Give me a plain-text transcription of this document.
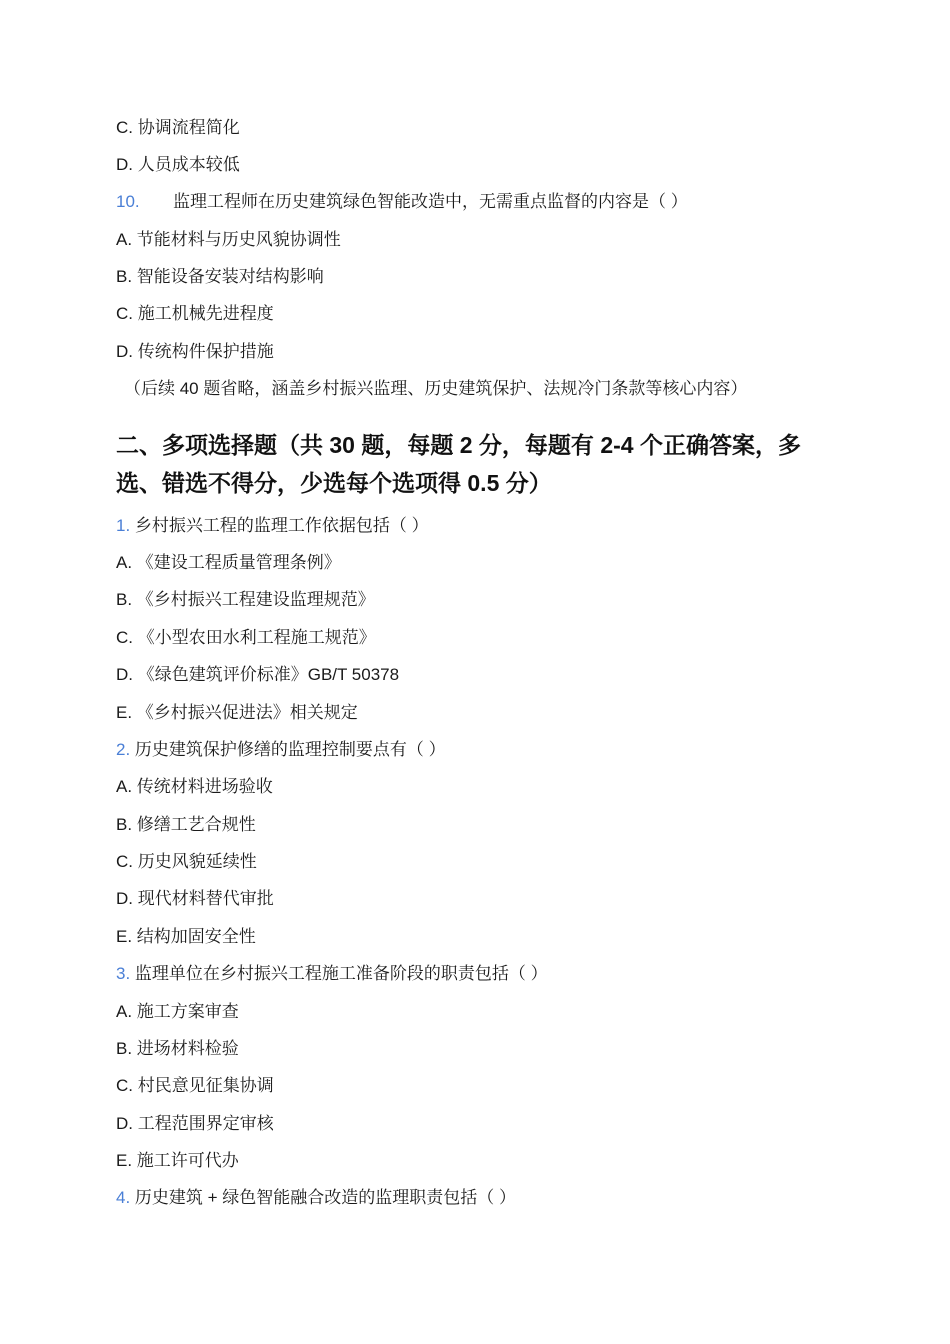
C. 协调流程简化
D. 人员成本较低
10. 监理工程师在历史建筑绿色智能改造中，无需重点监督的内容是（ ）
A. 节能材料与历史风貌协调性
B. 智能设备安装对结构影响
C. 施工机械先进程度
D. 传统构件保护措施
（后续 40 题省略，涵盖乡村振兴监理、历史建筑保护、法规冷门条款等核心内容）
二、多项选择题（共 30 题，每题 2 分，每题有 2-4 个正确答案，多选、错选不得分，少选每个选项得 0.5 分）
1. 乡村振兴工程的监理工作依据包括（ ）
A. 《建设工程质量管理条例》
B. 《乡村振兴工程建设监理规范》
C. 《小型农田水利工程施工规范》
D. 《绿色建筑评价标准》GB/T 50378
E. 《乡村振兴促进法》相关规定
2. 历史建筑保护修缮的监理控制要点有（ ）
A. 传统材料进场验收
B. 修缮工艺合规性
C. 历史风貌延续性
D. 现代材料替代审批
E. 结构加固安全性
3. 监理单位在乡村振兴工程施工准备阶段的职责包括（ ）
A. 施工方案审查
B. 进场材料检验
C. 村民意见征集协调
D. 工程范围界定审核
E. 施工许可代办
4. 历史建筑 + 绿色智能融合改造的监理职责包括（ ）
